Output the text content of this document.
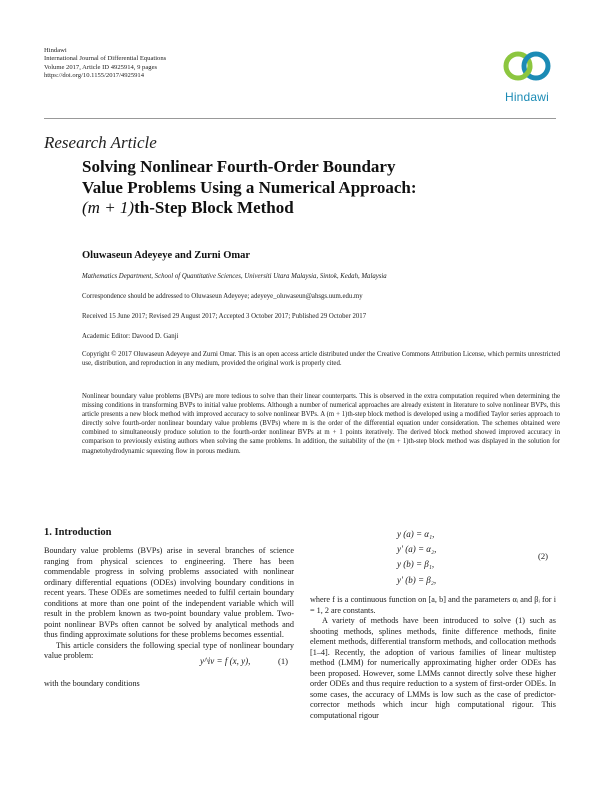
Hindawi
International Journal of Differential Equations
Volume 2017, Article ID 4925914, 9 pages
https://doi.org/10.1155/2017/4925914
Hindawi
Research Article
Solving Nonlinear Fourth-Order Boundary
Value Problems Using a Numerical Approach:
(m + 1)th-Step Block Method
Oluwaseun Adeyeye and Zurni Omar
Mathematics Department, School of Quantitative Sciences, Universiti Utara Malaysia, Sintok, Kedah, Malaysia
Correspondence should be addressed to Oluwaseun Adeyeye; adeyeye_oluwaseun@ahsgs.uum.edu.my
Received 15 June 2017; Revised 29 August 2017; Accepted 3 October 2017; Published 29 October 2017
Academic Editor: Davood D. Ganji
Copyright © 2017 Oluwaseun Adeyeye and Zurni Omar. This is an open access article distributed under the Creative Commons Attribution License, which permits unrestricted use, distribution, and reproduction in any medium, provided the original work is properly cited.
Nonlinear boundary value problems (BVPs) are more tedious to solve than their linear counterparts. This is observed in the extra computation required when determining the missing conditions in transforming BVPs to initial value problems. Although a number of numerical approaches are already existent in literature to solve nonlinear BVPs, this article presents a new block method with improved accuracy to solve nonlinear BVPs. A (m + 1)th-step block method is developed using a modified Taylor series approach to directly solve fourth-order nonlinear boundary value problems (BVPs) where m is the order of the differential equation under consideration. The schemes obtained were combined to simultaneously produce solution to the fourth-order nonlinear BVPs at m + 1 points iteratively. The derived block method showed improved accuracy in comparison to previously existing authors when solving the same problems. In addition, the suitability of the (m + 1)th-step block method was displayed in the solution for magnetohydrodynamic squeezing flow in porous medium.
1. Introduction

Boundary value problems (BVPs) arise in several branches of science ranging from physical sciences to engineering. There has been commendable progress in solving problems associated with nonlinear ordinary differential equations (ODEs) involving boundary conditions in recent years. These ODEs are sometimes needed to fulfil certain boundary conditions at more than one point of the independent variable which will result in the problem known as two-point boundary value problem. Two-point nonlinear BVPs often cannot be solved by analytical methods and thus finding approximate solutions for these problems becomes essential.

This article considers the following special type of nonlinear boundary value problem:

y^iv = f (x, y),	(1)
with the boundary conditions
y (a) = α₁,
y′ (a) = α₂,
y (b) = β₁,
y′ (b) = β₂,
(2)

where f is a continuous function on [a, b] and the parameters αᵢ and βᵢ for i = 1, 2 are constants.

A variety of methods have been introduced to solve (1) such as shooting methods, splines methods, finite difference methods, finite element methods, differential transform methods, and collocation methods [1–4]. Recently, the adoption of various families of linear multistep method (LMM) for numerically approximating higher order ODEs has been proposed. However, some LMMs cannot directly solve these higher order ODEs and thus require reduction to a system of first-order ODEs. In some cases, the accuracy of LMMs is low such as the case of predictor-corrector methods which incur high computational rigour. This computational rigour
